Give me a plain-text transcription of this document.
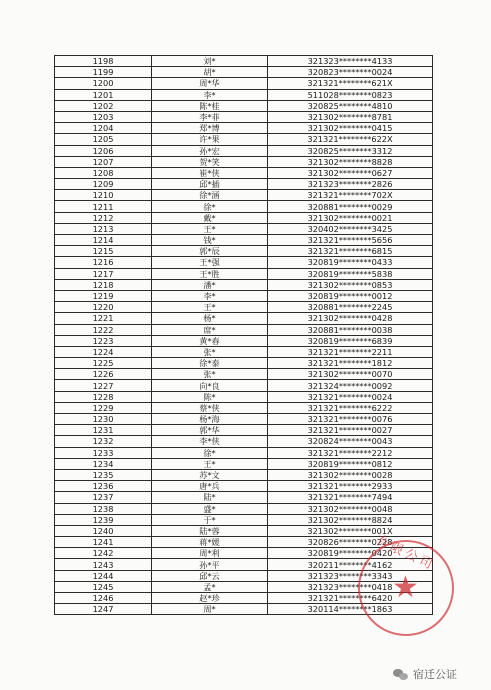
1198	刘*	321323********4133
1199	胡*	320823********0024
1200	周*华	321321********621X
1201	李*	511028********0823
1202	陈*桂	320825********4810
1203	李*菲	321302********8781
1204	郑*博	321302********0415
1205	许*果	321321********622X
1206	孙*宏	320825********3312
1207	贺*笑	321302********8828
1208	崔*侠	321302********0627
1209	邱*插	321323********2826
1210	徐*涵	321321********702X
1211	徐*	320881********0029
1212	戴*	321302********0021
1213	王*	320402********3425
1214	钱*	321321********5656
1215	郭*辰	321321********6815
1216	王*强	320819********0433
1217	王*胜	320819********5838
1218	潘*	321302********0853
1219	李*	320819********0012
1220	王*	320881********2245
1221	杨*	321302********0428
1222	席*	320881********0038
1223	黄*春	320819********6839
1224	张*	321321********2211
1225	徐*泰	321321********1812
1226	张*	321302********0070
1227	向*良	321324********0092
1228	陈*	321321********0024
1229	蔡*侠	321321********6222
1230	杨*海	321321********0076
1231	郭*华	321321********0027
1232	李*侠	320824********0043
1233	徐*	321321********2212
1234	王*	320819********0812
1235	苏*文	321302********0028
1236	唐*兵	321321********2933
1237	陆*	321321********7494
1238	盛*	321302********0048
1239	于*	321302********8824
1240	陆*蓉	321302********001X
1241	蒋*媛	320826********0228
1242	周*利	320819********0420
1243	孙*平	320211********4162
1244	邱*云	321323********3343
1245	孟*	321323********0418
1246	赵*珍	321321********6420
1247	周*	320114********1863
有限公司
★
宿迁公证
